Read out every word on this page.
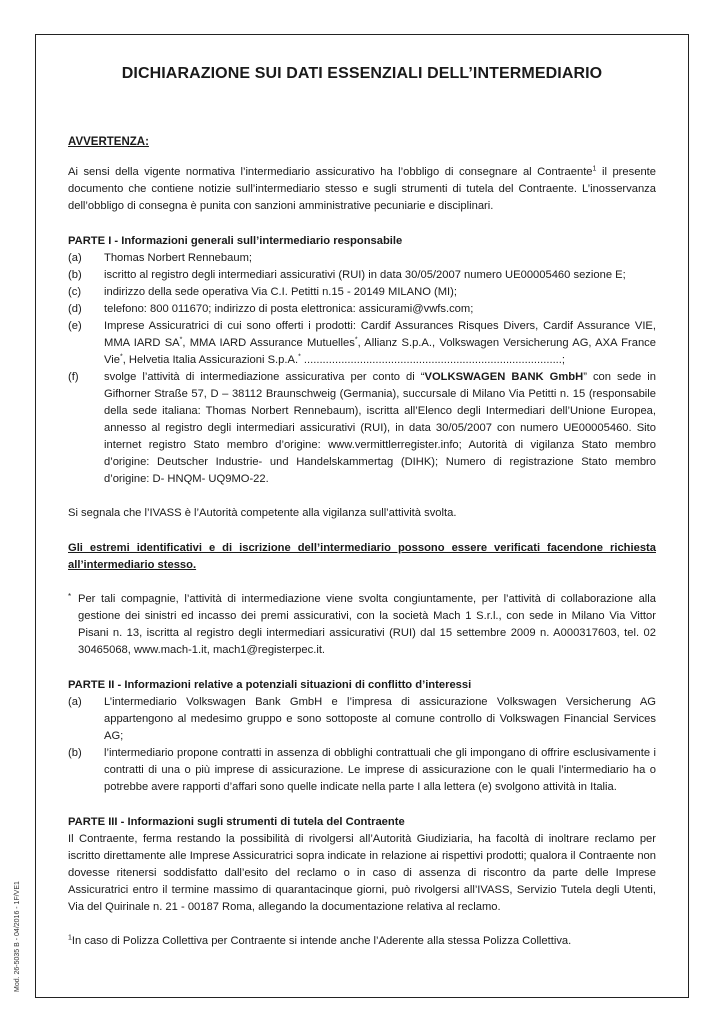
Mod. 26-5035 B - 04/2016 - 1F/VE1
DICHIARAZIONE SUI DATI ESSENZIALI DELL’INTERMEDIARIO
AVVERTENZA:

Ai sensi della vigente normativa l’intermediario assicurativo ha l’obbligo di consegnare al Contraente$^1$ il presente documento che contiene notizie sull’intermediario stesso e sugli strumenti di tutela del Contraente. L’inosservanza dell’obbligo di consegna è punita con sanzioni amministrative pecuniarie e disciplinari.

PARTE I - Informazioni generali sull’intermediario responsabile
(a)	Thomas Norbert Rennebaum;
(b)	iscritto al registro degli intermediari assicurativi (RUI) in data 30/05/2007 numero UE00005460 sezione E;
(c)	indirizzo della sede operativa Via C.I. Petitti n.15 - 20149 MILANO (MI);
(d)	telefono: 800 011670; indirizzo di posta elettronica: assicurami@vwfs.com;
(e)	Imprese Assicuratrici di cui sono offerti i prodotti: Cardif Assurances Risques Divers, Cardif Assurance VIE, MMA IARD SA*, MMA IARD Assurance Mutuelles*, Allianz S.p.A., Volkswagen Versicherung AG, AXA France Vie*, Helvetia Italia Assicurazioni S.p.A.* ...................................................................................;
(f)	svolge l’attività di intermediazione assicurativa per conto di “VOLKSWAGEN BANK GmbH” con sede in Gifhorner Straße 57, D – 38112 Braunschweig (Germania), succursale di Milano Via Petitti n. 15 (responsabile della sede italiana: Thomas Norbert Rennebaum), iscritta all’Elenco degli Intermediari dell’Unione Europea, annesso al registro degli intermediari assicurativi (RUI), in data 30/05/2007 con numero UE00005460. Sito internet registro Stato membro d’origine: www.vermittlerregister.info; Autorità di vigilanza Stato membro d’origine: Deutscher Industrie- und Handelskammertag (DIHK); Numero di registrazione Stato membro d’origine: D- HNQM- UQ9MO-22.

Si segnala che l’IVASS è l’Autorità competente alla vigilanza sull’attività svolta.

Gli estremi identificativi e di iscrizione dell’intermediario possono essere verificati facendone richiesta all’intermediario stesso.
* Per tali compagnie, l’attività di intermediazione viene svolta congiuntamente, per l’attività di collaborazione alla gestione dei sinistri ed incasso dei premi assicurativi, con la società Mach 1 S.r.l., con sede in Milano Via Vittor Pisani n. 13, iscritta al registro degli intermediari assicurativi (RUI) dal 15 settembre 2009 n. A000317603, tel. 02 30465068, www.mach-1.it, mach1@registerpec.it.
PARTE II - Informazioni relative a potenziali situazioni di conflitto d’interessi
(a)	L’intermediario Volkswagen Bank GmbH e l’impresa di assicurazione Volkswagen Versicherung AG appartengono al medesimo gruppo e sono sottoposte al comune controllo di Volkswagen Financial Services AG;
(b)	l’intermediario propone contratti in assenza di obblighi contrattuali che gli impongano di offrire esclusivamente i contratti di una o più imprese di assicurazione. Le imprese di assicurazione con le quali l’intermediario ha o potrebbe avere rapporti d’affari sono quelle indicate nella parte I alla lettera (e) svolgono attività in Italia.
PARTE III - Informazioni sugli strumenti di tutela del Contraente

Il Contraente, ferma restando la possibilità di rivolgersi all’Autorità Giudiziaria, ha facoltà di inoltrare reclamo per iscritto direttamente alle Imprese Assicuratrici sopra indicate in relazione ai rispettivi prodotti; qualora il Contraente non dovesse ritenersi soddisfatto dall’esito del reclamo o in caso di assenza di riscontro da parte delle Imprese Assicuratrici entro il termine massimo di quarantacinque giorni, può rivolgersi all’IVASS, Servizio Tutela degli Utenti, Via del Quirinale n. 21 - 00187 Roma, allegando la documentazione relativa al reclamo.

$^1$In caso di Polizza Collettiva per Contraente si intende anche l’Aderente alla stessa Polizza Collettiva.
